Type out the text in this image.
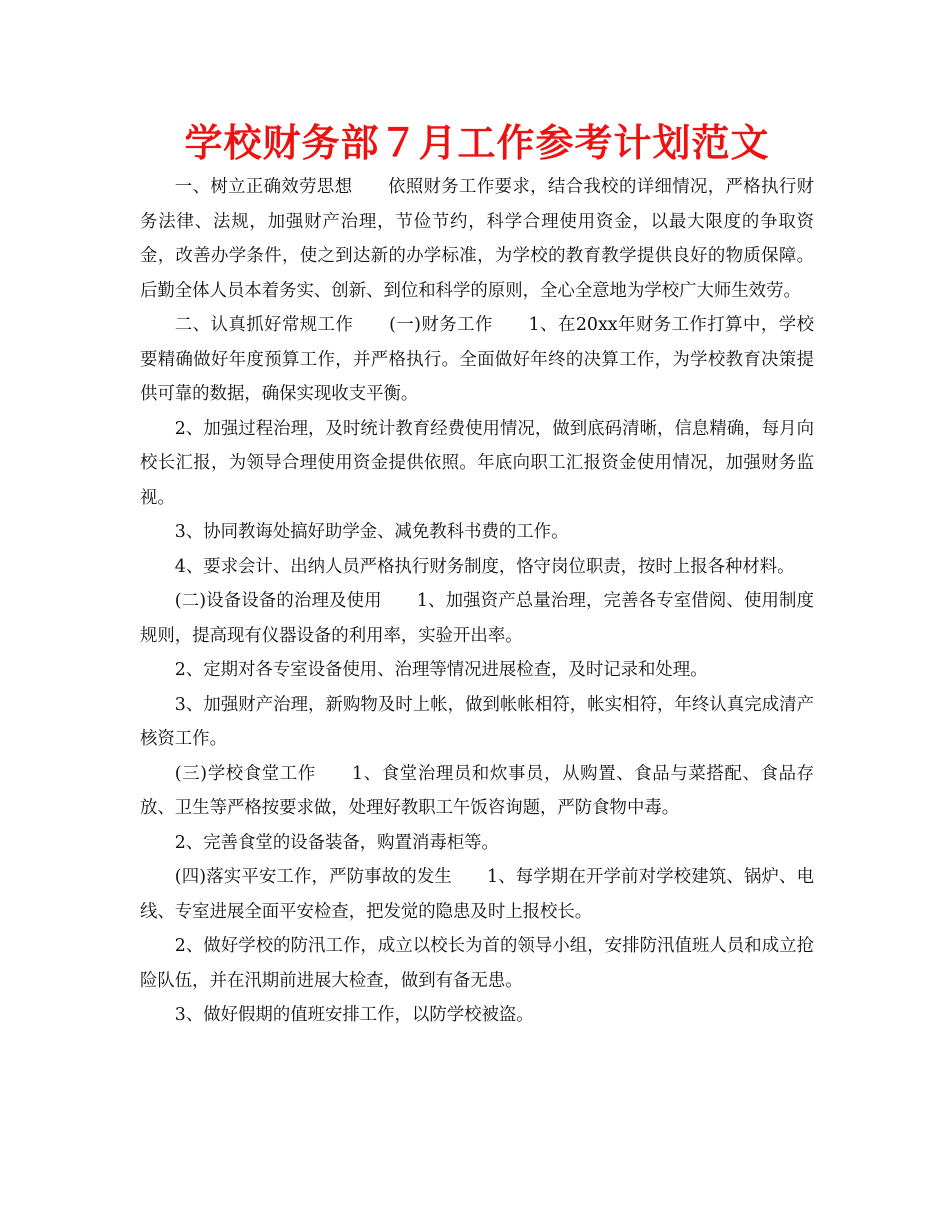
学校财务部７月工作参考计划范文

一、树立正确效劳思想　　依照财务工作要求，结合我校的详细情况，严格执行财务法律、法规，加强财产治理，节俭节约，科学合理使用资金，以最大限度的争取资金，改善办学条件，使之到达新的办学标准，为学校的教育教学提供良好的物质保障。后勤全体人员本着务实、创新、到位和科学的原则，全心全意地为学校广大师生效劳。

二、认真抓好常规工作　　(一)财务工作　　1、在20xx年财务工作打算中，学校要精确做好年度预算工作，并严格执行。全面做好年终的决算工作，为学校教育决策提供可靠的数据，确保实现收支平衡。

2、加强过程治理，及时统计教育经费使用情况，做到底码清晰，信息精确，每月向校长汇报，为领导合理使用资金提供依照。年底向职工汇报资金使用情况，加强财务监视。

3、协同教诲处搞好助学金、减免教科书费的工作。

4、要求会计、出纳人员严格执行财务制度，恪守岗位职责，按时上报各种材料。

(二)设备设备的治理及使用　　1、加强资产总量治理，完善各专室借阅、使用制度规则，提高现有仪器设备的利用率，实验开出率。

2、定期对各专室设备使用、治理等情况进展检查，及时记录和处理。

3、加强财产治理，新购物及时上帐，做到帐帐相符，帐实相符，年终认真完成清产核资工作。

(三)学校食堂工作　　1、食堂治理员和炊事员，从购置、食品与菜搭配、食品存放、卫生等严格按要求做，处理好教职工午饭咨询题，严防食物中毒。

2、完善食堂的设备装备，购置消毒柜等。

(四)落实平安工作，严防事故的发生　　1、每学期在开学前对学校建筑、锅炉、电线、专室进展全面平安检查，把发觉的隐患及时上报校长。

2、做好学校的防汛工作，成立以校长为首的领导小组，安排防汛值班人员和成立抢险队伍，并在汛期前进展大检查，做到有备无患。

3、做好假期的值班安排工作，以防学校被盗。
